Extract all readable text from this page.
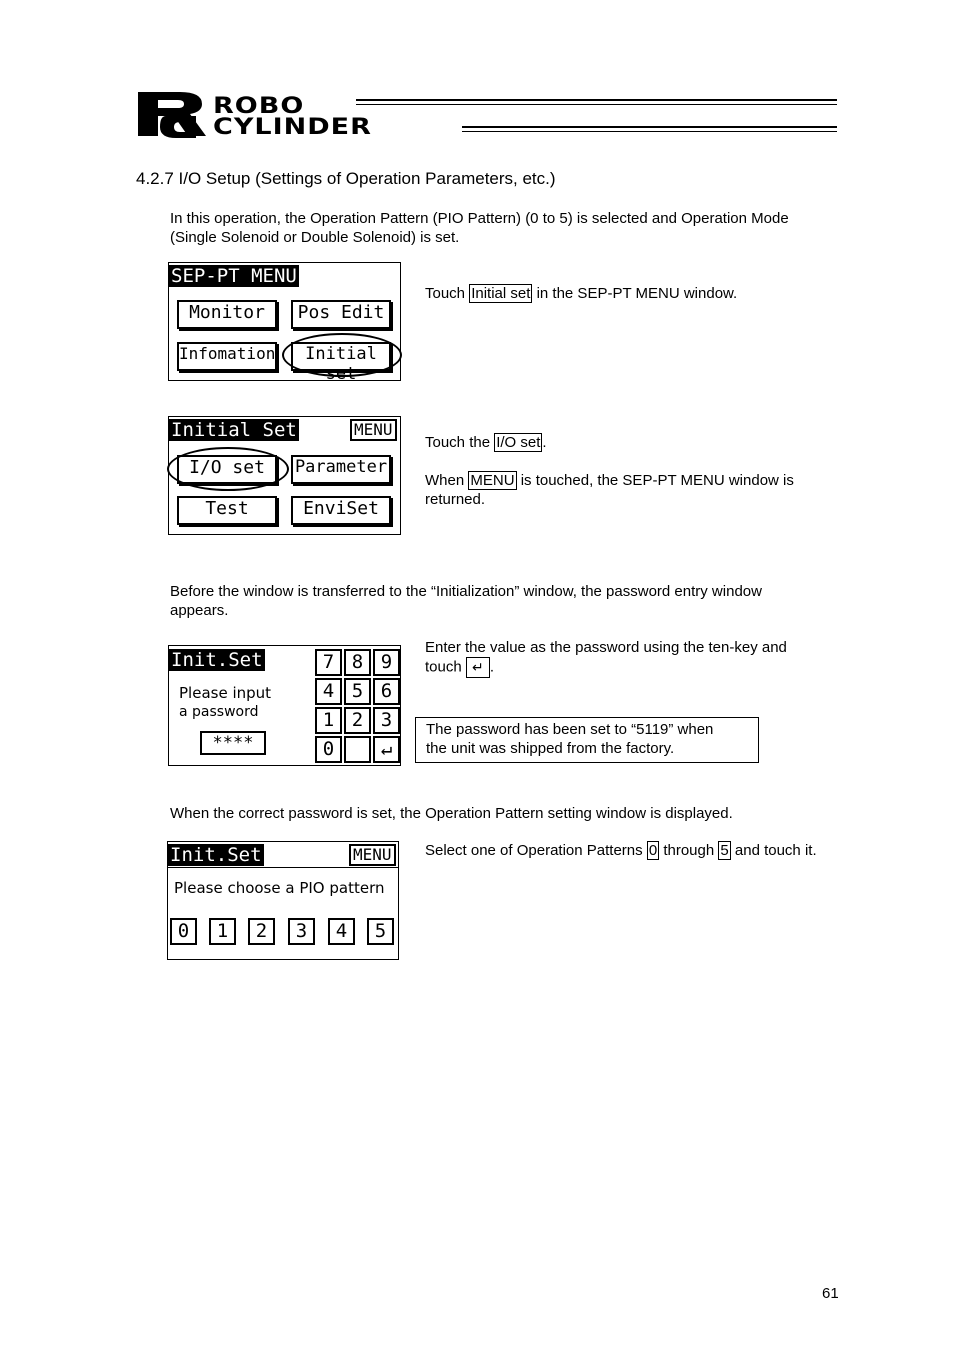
ROBO
CYLINDER
4.2.7 I/O Setup (Settings of Operation Parameters, etc.)
In this operation, the Operation Pattern (PIO Pattern) (0 to 5) is selected and Operation Mode
(Single Solenoid or Double Solenoid) is set.
SEP-PT MENU
Monitor	Pos Edit
Infomation	Initial set
Touch Initial set in the SEP-PT MENU window.
Initial Set	MENU
I/O set	Parameter
Test	EnviSet
Touch the I/O set .
When MENU is touched, the SEP-PT MENU window is
returned.
Before the window is transferred to the “Initialization” window, the password entry window
appears.
Init.Set
Please input
a password
****
7 8 9
4 5 6
1 2 3
0	↵
Enter the value as the password using the ten-key and
touch ↵ .
The password has been set to “5119” when
the unit was shipped from the factory.
When the correct password is set, the Operation Pattern setting window is displayed.
Init.Set	MENU
Please choose a PIO pattern
0	1	2	3	4	5
Select one of Operation Patterns 0 through 5 and touch it.
61
